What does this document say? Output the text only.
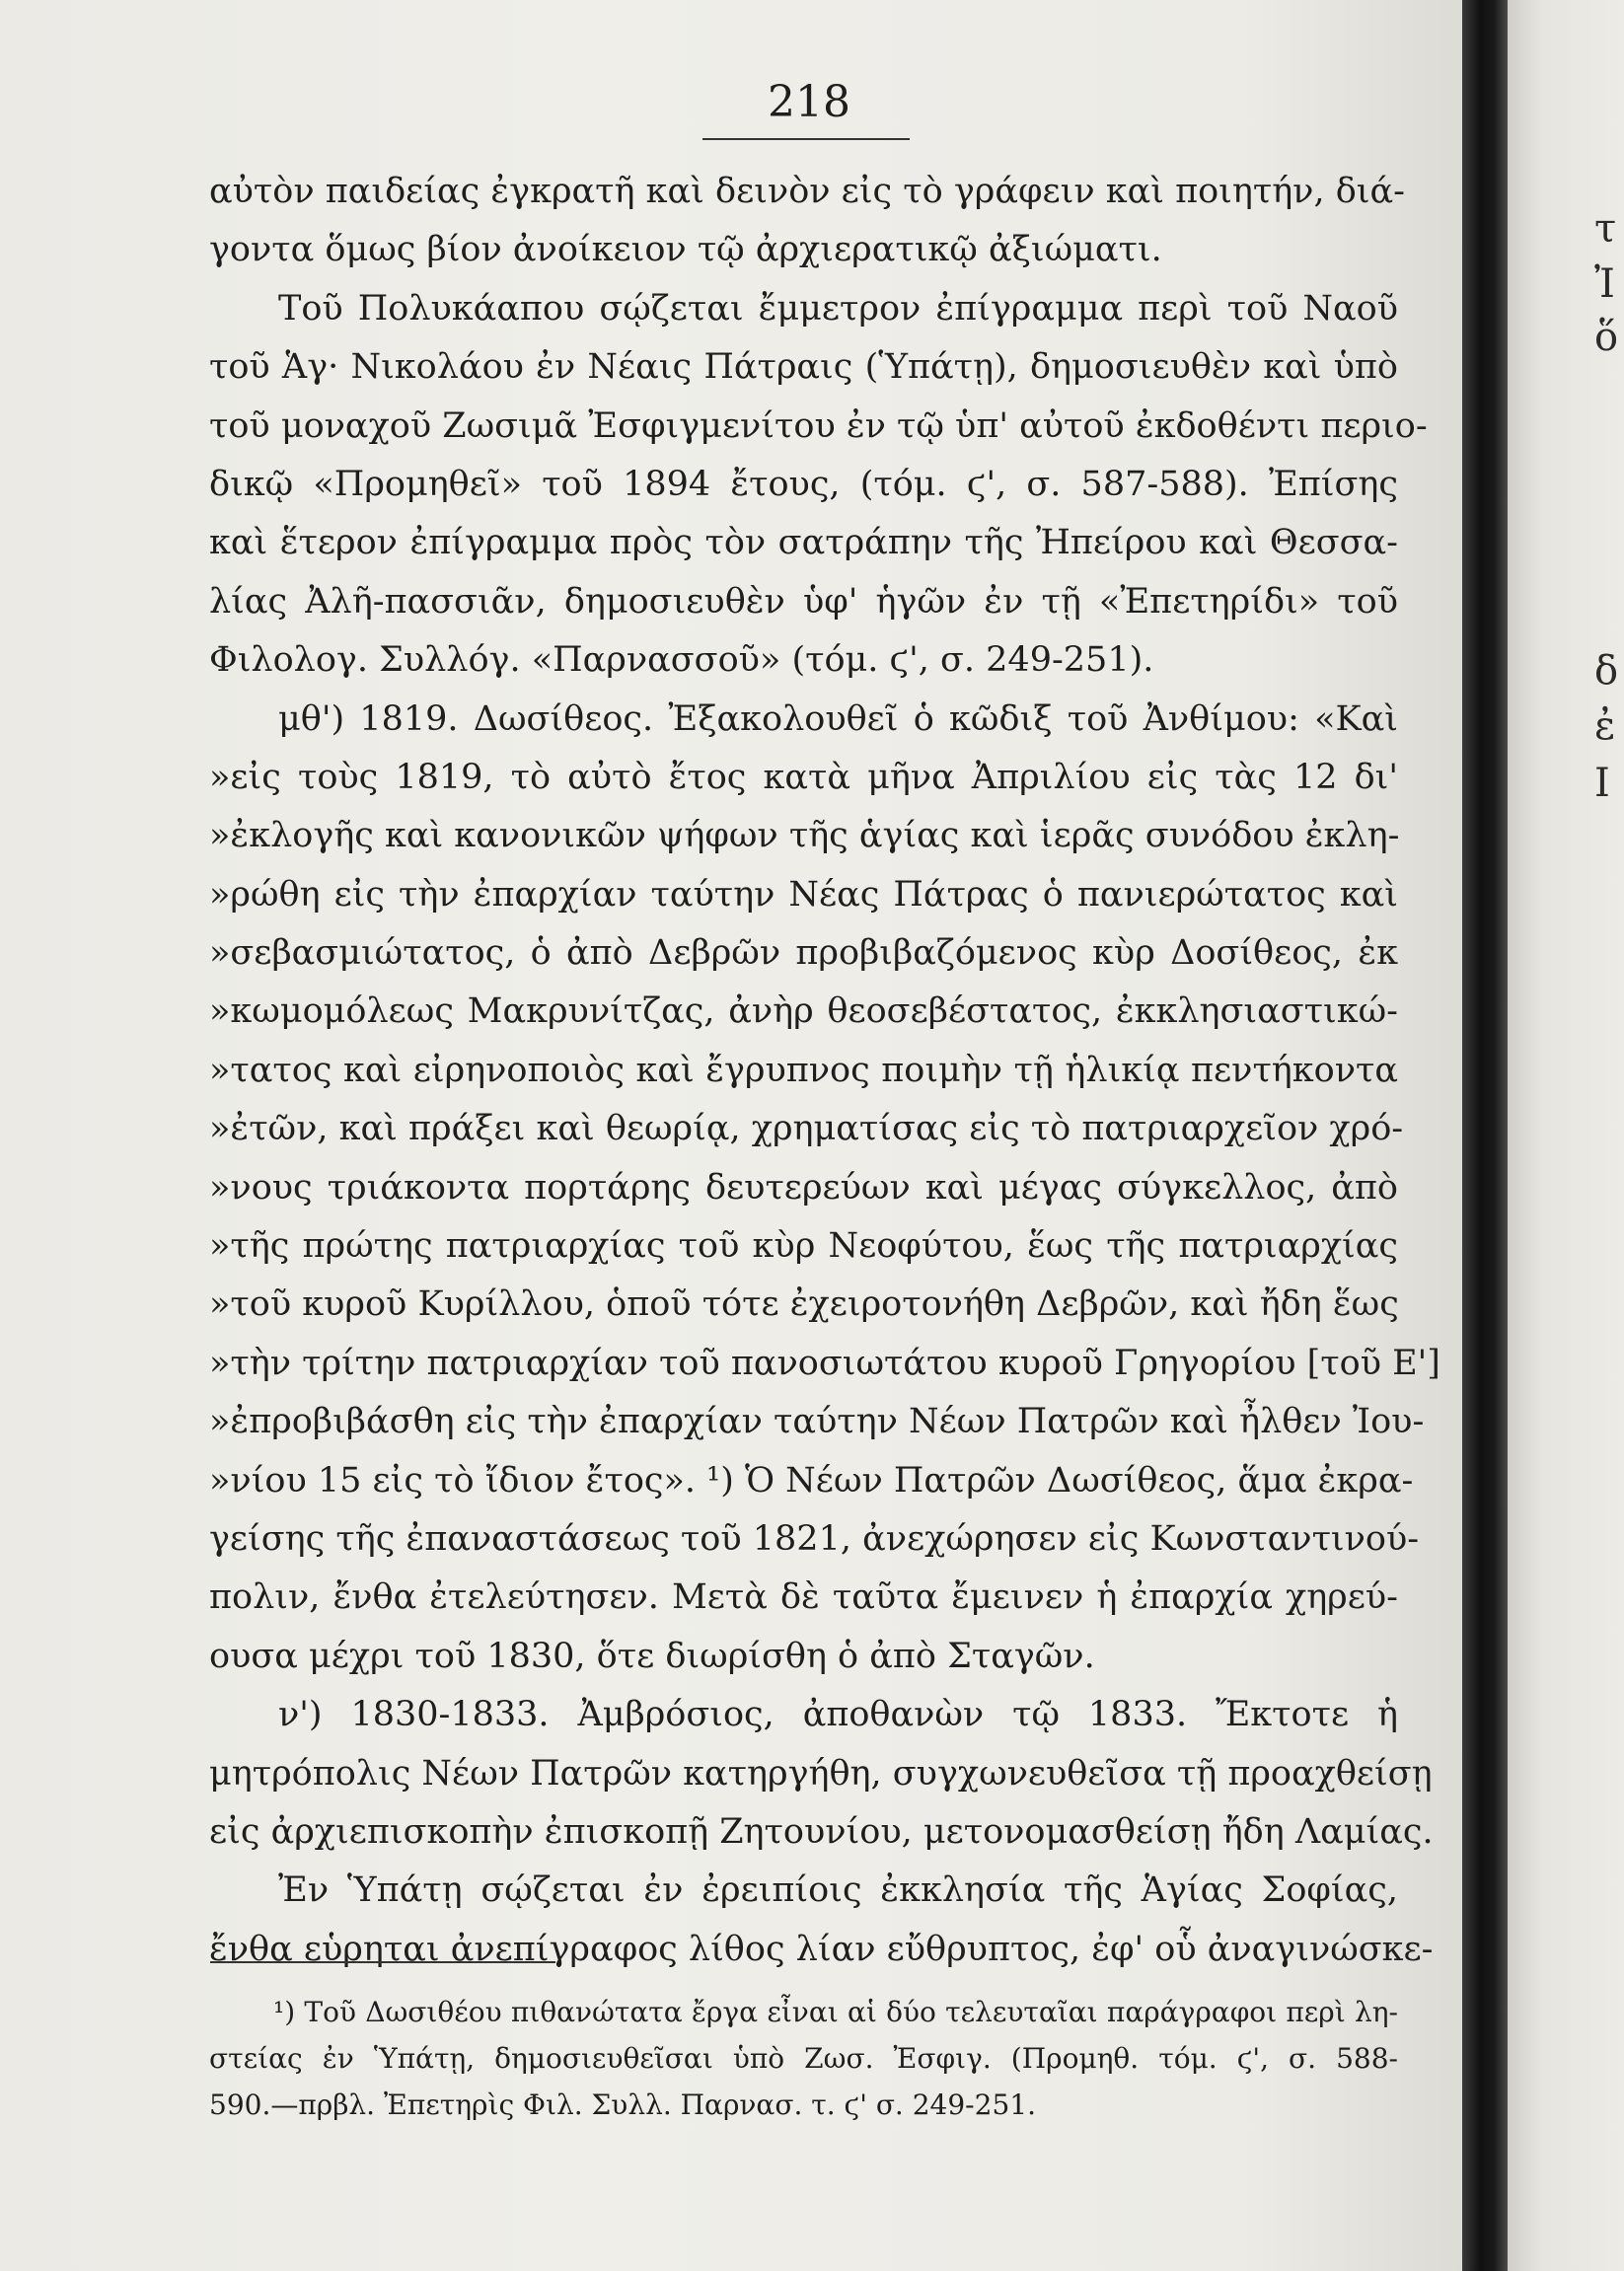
218
αὐτὸν παιδείας ἐγκρατῆ καὶ δεινὸν εἰς τὸ γράφειν καὶ ποιητήν, διά-
γοντα ὅμως βίον ἀνοίκειον τῷ ἀρχιερατικῷ ἀξιώματι.
Τοῦ Πολυκάαπου σῴζεται ἔμμετρον ἐπίγραμμα περὶ τοῦ Ναοῦ
τοῦ Ἁγ· Νικολάου ἐν Νέαις Πάτραις (Ὑπάτῃ), δημοσιευθὲν καὶ ὑπὸ
τοῦ μοναχοῦ Ζωσιμᾶ Ἐσφιγμενίτου ἐν τῷ ὑπ' αὐτοῦ ἐκδοθέντι περιο-
δικῷ «Προμηθεῖ» τοῦ 1894 ἔτους, (τόμ. ϛ', σ. 587-588). Ἐπίσης
καὶ ἕτερον ἐπίγραμμα πρὸς τὸν σατράπην τῆς Ἠπείρου καὶ Θεσσα-
λίας Ἀλῆ-πασσιᾶν, δημοσιευθὲν ὑφ' ἡγῶν ἐν τῇ «Ἐπετηρίδι» τοῦ
Φιλολογ. Συλλόγ. «Παρνασσοῦ» (τόμ. ϛ', σ. 249-251).
μθ') 1819. Δωσίθεος. Ἐξακολουθεῖ ὁ κῶδιξ τοῦ Ἀνθίμου: «Καὶ
»εἰς τοὺς 1819, τὸ αὐτὸ ἔτος κατὰ μῆνα Ἀπριλίου εἰς τὰς 12 δι'
»ἐκλογῆς καὶ κανονικῶν ψήφων τῆς ἁγίας καὶ ἱερᾶς συνόδου ἐκλη-
»ρώθη εἰς τὴν ἐπαρχίαν ταύτην Νέας Πάτρας ὁ πανιερώτατος καὶ
»σεβασμιώτατος, ὁ ἀπὸ Δεβρῶν προβιβαζόμενος κὺρ Δοσίθεος, ἐκ
»κωμομόλεως Μακρυνίτζας, ἀνὴρ θεοσεβέστατος, ἐκκλησιαστικώ-
»τατος καὶ εἰρηνοποιὸς καὶ ἔγρυπνος ποιμὴν τῇ ἡλικίᾳ πεντήκοντα
»ἐτῶν, καὶ πράξει καὶ θεωρίᾳ, χρηματίσας εἰς τὸ πατριαρχεῖον χρό-
»νους τριάκοντα πορτάρης δευτερεύων καὶ μέγας σύγκελλος, ἀπὸ
»τῆς πρώτης πατριαρχίας τοῦ κὺρ Νεοφύτου, ἕως τῆς πατριαρχίας
»τοῦ κυροῦ Κυρίλλου, ὁποῦ τότε ἐχειροτονήθη Δεβρῶν, καὶ ἤδη ἕως
»τὴν τρίτην πατριαρχίαν τοῦ πανοσιωτάτου κυροῦ Γρηγορίου [τοῦ Ε']
»ἐπροβιβάσθη εἰς τὴν ἐπαρχίαν ταύτην Νέων Πατρῶν καὶ ἦλθεν Ἰου-
»νίου 15 εἰς τὸ ἴδιον ἔτος». ¹) Ὁ Νέων Πατρῶν Δωσίθεος, ἅμα ἐκρα-
γείσης τῆς ἐπαναστάσεως τοῦ 1821, ἀνεχώρησεν εἰς Κωνσταντινού-
πολιν, ἔνθα ἐτελεύτησεν. Μετὰ δὲ ταῦτα ἔμεινεν ἡ ἐπαρχία χηρεύ-
ουσα μέχρι τοῦ 1830, ὅτε διωρίσθη ὁ ἀπὸ Σταγῶν.
ν') 1830-1833. Ἀμβρόσιος, ἀποθανὼν τῷ 1833. Ἔκτοτε ἡ
μητρόπολις Νέων Πατρῶν κατηργήθη, συγχωνευθεῖσα τῇ προαχθείσῃ
εἰς ἀρχιεπισκοπὴν ἐπισκοπῇ Ζητουνίου, μετονομασθείσῃ ἤδη Λαμίας.
Ἐν Ὑπάτῃ σῴζεται ἐν ἐρειπίοις ἐκκλησία τῆς Ἁγίας Σοφίας,
ἔνθα εὑρηται ἀνεπίγραφος λίθος λίαν εὔθρυπτος, ἐφ' οὗ ἀναγινώσκε-
¹) Τοῦ Δωσιθέου πιθανώτατα ἔργα εἶναι αἱ δύο τελευταῖαι παράγραφοι περὶ λη-
στείας ἐν Ὑπάτῃ, δημοσιευθεῖσαι ὑπὸ Ζωσ. Ἐσφιγ. (Προμηθ. τόμ. ϛ', σ. 588-
590.—πρβλ. Ἐπετηρὶς Φιλ. Συλλ. Παρνασ. τ. ϛ' σ. 249-251.
τ
Ἰ
ὅ
δ
ἐ
Ι
